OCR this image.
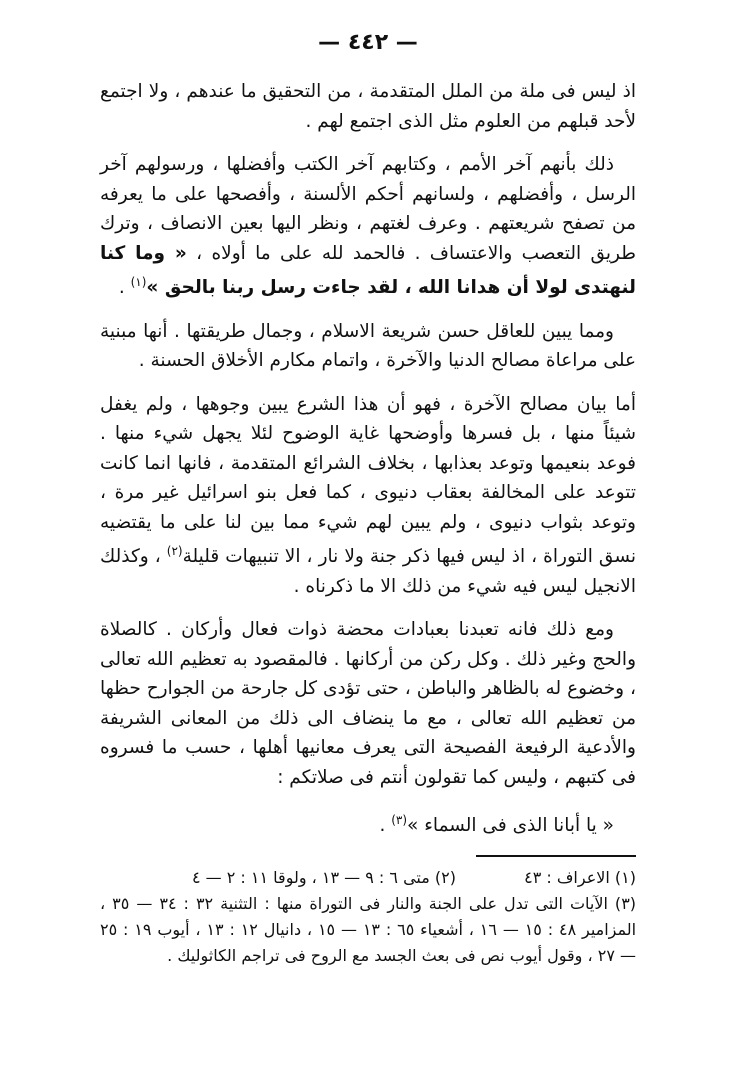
— ٤٤٢ —

اذ ليس فى ملة من الملل المتقدمة ، من التحقيق ما عندهم ، ولا اجتمع لأحد قبلهم من العلوم مثل الذى اجتمع لهم .

ذلك بأنهم آخر الأمم ، وكتابهم آخر الكتب وأفضلها ، ورسولهم آخر الرسل ، وأفضلهم ، ولسانهم أحكم الألسنة ، وأفصحها على ما يعرفه من تصفح شريعتهم . وعرف لغتهم ، ونظر اليها بعين الانصاف ، وترك طريق التعصب والاعتساف . فالحمد لله على ما أولاه ، « وما كنا لنهتدى لولا أن هدانا الله ، لقد جاءت رسل ربنا بالحق »$^{(١)}$ .

ومما يبين للعاقل حسن شريعة الاسلام ، وجمال طريقتها . أنها مبنية على مراعاة مصالح الدنيا والآخرة ، واتمام مكارم الأخلاق الحسنة .

أما بيان مصالح الآخرة ، فهو أن هذا الشرع يبين وجوهها ، ولم يغفل شيئاً منها ، بل فسرها وأوضحها غاية الوضوح لئلا يجهل شيء منها . فوعد بنعيمها وتوعد بعذابها ، بخلاف الشرائع المتقدمة ، فانها انما كانت تتوعد على المخالفة بعقاب دنيوى ، كما فعل بنو اسرائيل غير مرة ، وتوعد بثواب دنيوى ، ولم يبين لهم شيء مما بين لنا على ما يقتضيه نسق التوراة ، اذ ليس فيها ذكر جنة ولا نار ، الا تنبيهات قليلة$^{(٢)}$ ، وكذلك الانجيل ليس فيه شيء من ذلك الا ما ذكرناه .

ومع ذلك فانه تعبدنا بعبادات محضة ذوات فعال وأركان . كالصلاة والحج وغير ذلك . وكل ركن من أركانها . فالمقصود به تعظيم الله تعالى ، وخضوع له بالظاهر والباطن ، حتى تؤدى كل جارحة من الجوارح حظها من تعظيم الله تعالى ، مع ما ينضاف الى ذلك من المعانى الشريفة والأدعية الرفيعة الفصيحة التى يعرف معانيها أهلها ، حسب ما فسروه فى كتبهم ، وليس كما تقولون أنتم فى صلاتكم :

« يا أبانا الذى فى السماء »$^{(٣)}$ .

(١) الاعراف : ٤٣
(٢) متى ٦ : ٩ — ١٣ ، ولوقا ١١ : ٢ — ٤

(٣) الآيات التى تدل على الجنة والنار فى التوراة منها : التثنية ٣٢ : ٣٤ — ٣٥ ، المزامير ٤٨ : ١٥ — ١٦ ، أشعياء ٦٥ : ١٣ — ١٥ ، دانيال ١٢ : ١٣ ، أيوب ١٩ : ٢٥ — ٢٧ ، وقول أيوب نص فى بعث الجسد مع الروح فى تراجم الكاثوليك .
